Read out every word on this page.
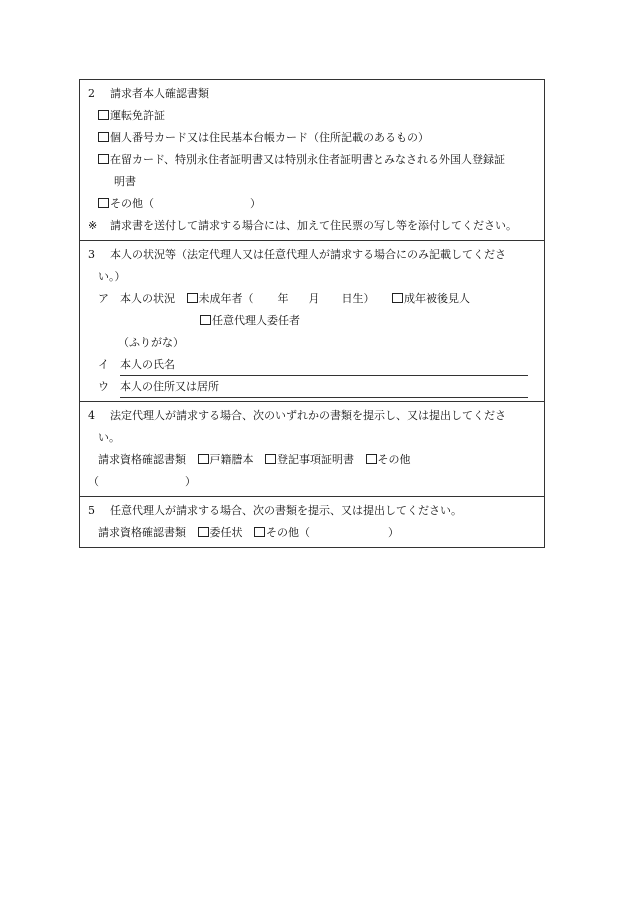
2 請求者本人確認書類
運転免許証
個人番号カード又は住民基本台帳カード（住所記載のあるもの）
在留カード、特別永住者証明書又は特別永住者証明書とみなされる外国人登録証
明書
その他（	）
※ 請求書を送付して請求する場合には、加えて住民票の写し等を添付してください。
3 本人の状況等（法定代理人又は任意代理人が請求する場合にのみ記載してくださ
い。）
ア 本人の状況 未成年者（ 年 月 日生）	成年被後見人
任意代理人委任者
（ふりがな）
イ	本人の氏名
ウ	本人の住所又は居所
4 法定代理人が請求する場合、次のいずれかの書類を提示し、又は提出してくださ
い。
請求資格確認書類 戸籍謄本 登記事項証明書 その他
（	）
5 任意代理人が請求する場合、次の書類を提示、又は提出してください。
請求資格確認書類 委任状 その他（	）
